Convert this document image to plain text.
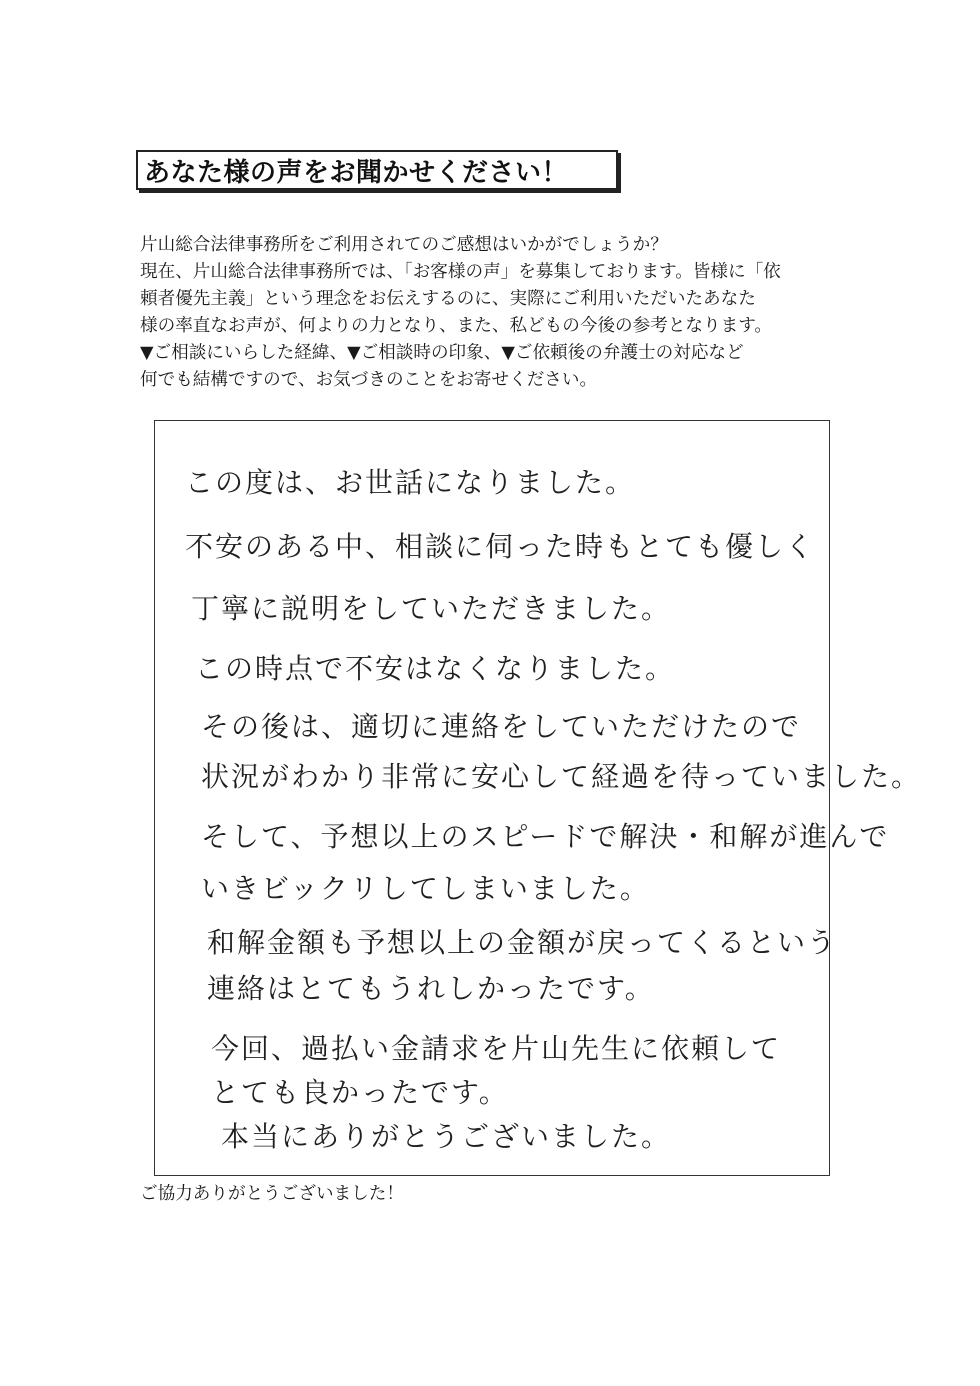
あなた様の声をお聞かせください！

片山総合法律事務所をご利用されてのご感想はいかがでしょうか？

現在、片山総合法律事務所では、「お客様の声」を募集しております。皆様に「依

頼者優先主義」という理念をお伝えするのに、実際にご利用いただいたあなた

様の率直なお声が、何よりの力となり、また、私どもの今後の参考となります。

▼ご相談にいらした経緯、▼ご相談時の印象、▼ご依頼後の弁護士の対応など

何でも結構ですので、お気づきのことをお寄せください。

この度は、お世話になりました。
不安のある中、相談に伺った時もとても優しく
丁寧に説明をしていただきました。
この時点で不安はなくなりました。
その後は、適切に連絡をしていただけたので
状況がわかり非常に安心して経過を待っていました。
そして、予想以上のスピードで解決・和解が進んで
いきビックリしてしまいました。
和解金額も予想以上の金額が戻ってくるという
連絡はとてもうれしかったです。
今回、過払い金請求を片山先生に依頼して
とても良かったです。
本当にありがとうございました。
ご協力ありがとうございました！
